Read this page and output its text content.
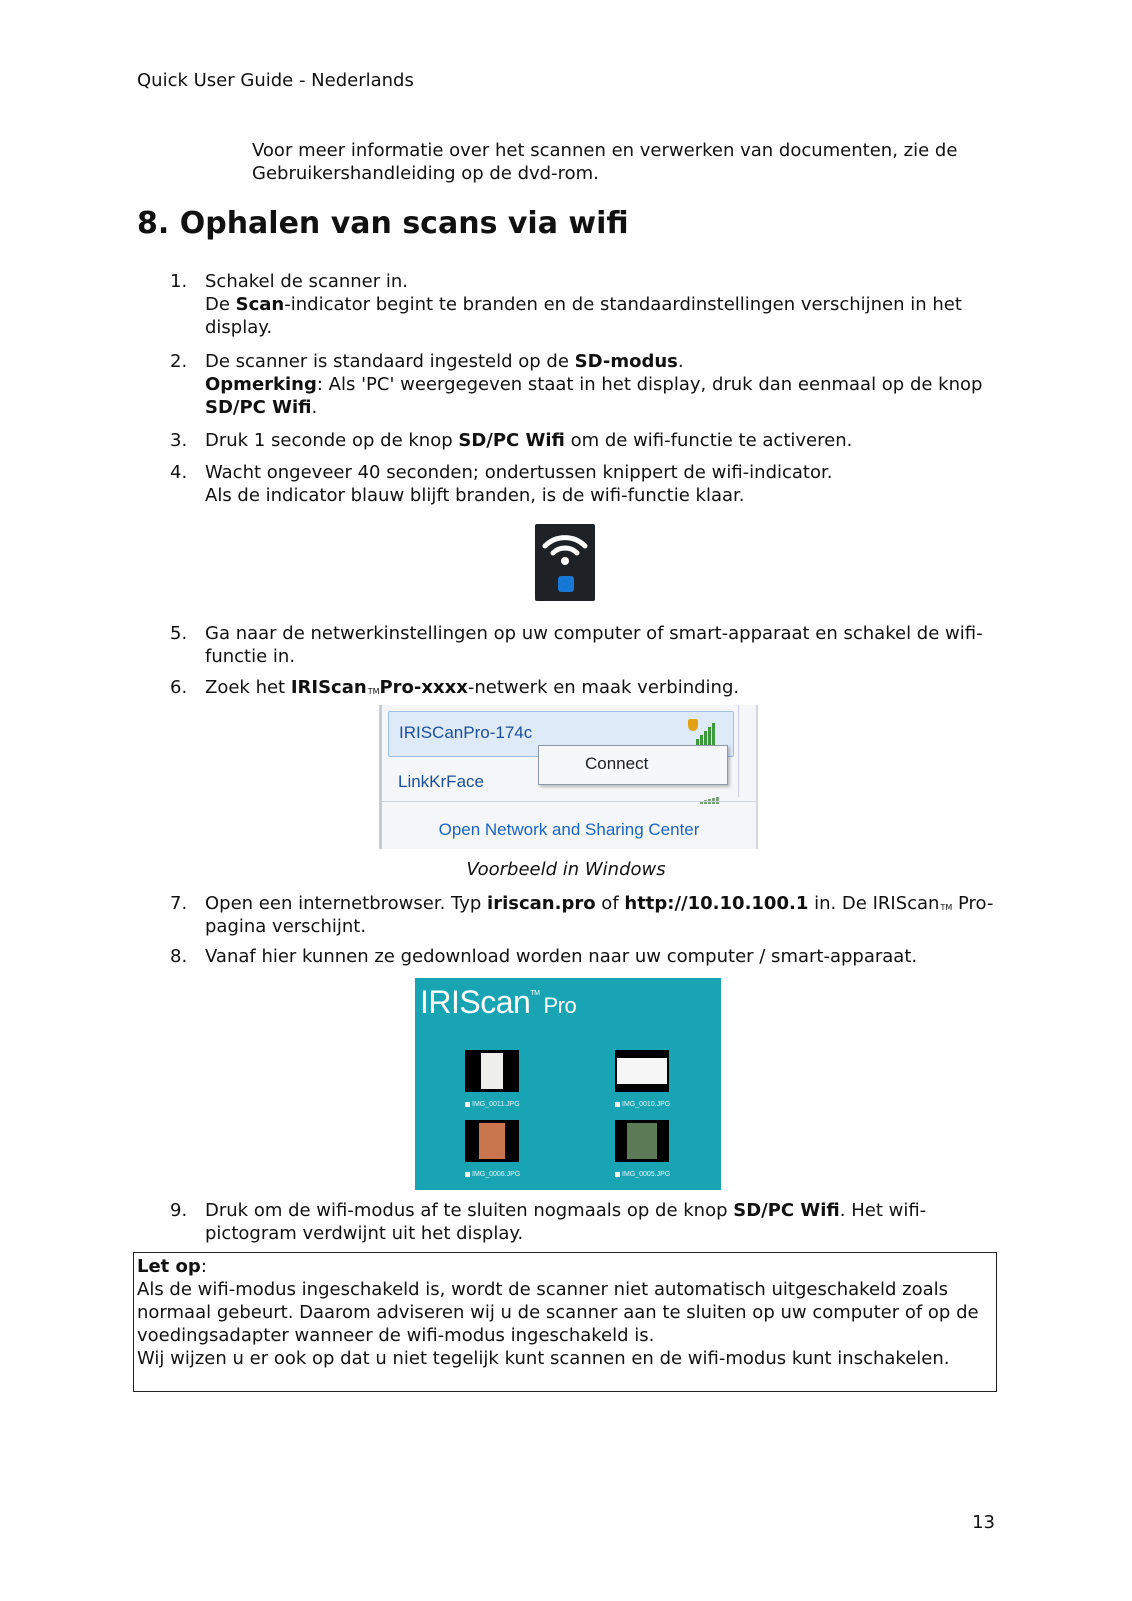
Quick User Guide - Nederlands
Voor meer informatie over het scannen en verwerken van documenten, zie de Gebruikershandleiding op de dvd-rom.
8. Ophalen van scans via wifi
1. Schakel de scanner in.
De Scan-indicator begint te branden en de standaardinstellingen verschijnen in het display.
2. De scanner is standaard ingesteld op de SD-modus.
Opmerking: Als 'PC' weergegeven staat in het display, druk dan eenmaal op de knop SD/PC Wifi.
3. Druk 1 seconde op de knop SD/PC Wifi om de wifi-functie te activeren.
4. Wacht ongeveer 40 seconden; ondertussen knippert de wifi-indicator.
Als de indicator blauw blijft branden, is de wifi-functie klaar.
5. Ga naar de netwerkinstellingen op uw computer of smart-apparaat en schakel de wifi-functie in.
6. Zoek het IRIScan™Pro-xxxx-netwerk en maak verbinding.
IRISCanPro-174c
LinkKrFace
Connect
Open Network and Sharing Center
Voorbeeld in Windows
7. Open een internetbrowser. Typ iriscan.pro of http://10.10.100.1 in. De IRIScan™ Pro-pagina verschijnt.
8. Vanaf hier kunnen ze gedownload worden naar uw computer / smart-apparaat.
IRIScan™ Pro
IMG_0011.JPG	IMG_0010.JPG
IMG_0006.JPG	IMG_0005.JPG
9. Druk om de wifi-modus af te sluiten nogmaals op de knop SD/PC Wifi. Het wifi-pictogram verdwijnt uit het display.
Let op:
Als de wifi-modus ingeschakeld is, wordt de scanner niet automatisch uitgeschakeld zoals normaal gebeurt. Daarom adviseren wij u de scanner aan te sluiten op uw computer of op de voedingsadapter wanneer de wifi-modus ingeschakeld is.
Wij wijzen u er ook op dat u niet tegelijk kunt scannen en de wifi-modus kunt inschakelen.
13
